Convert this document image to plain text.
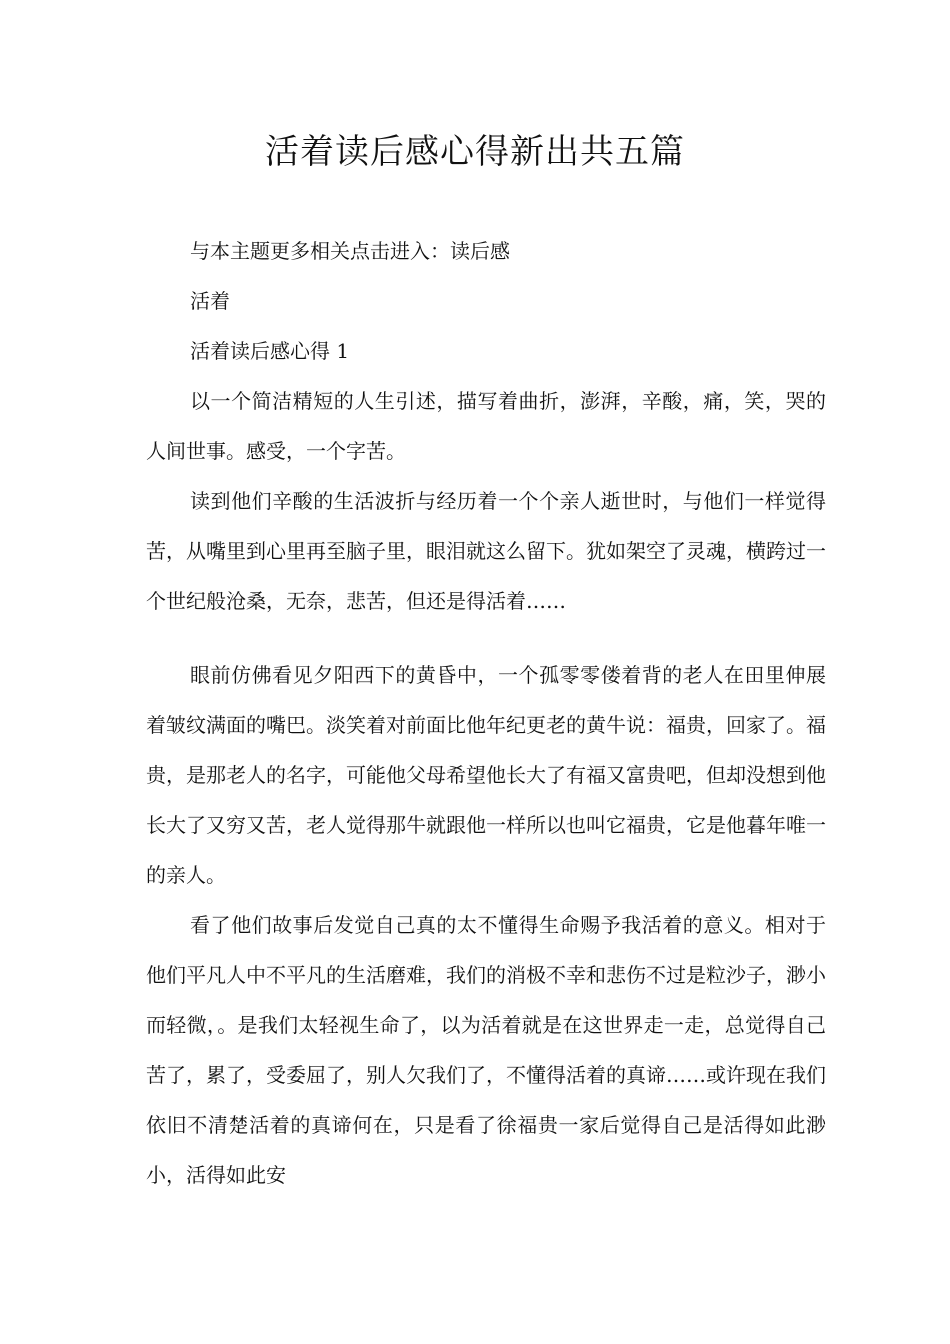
活着读后感心得新出共五篇

与本主题更多相关点击进入：读后感

活着

活着读后感心得 1

以一个简洁精短的人生引述，描写着曲折，澎湃，辛酸，痛，笑，哭的人间世事。感受，一个字苦。

读到他们辛酸的生活波折与经历着一个个亲人逝世时，与他们一样觉得苦，从嘴里到心里再至脑子里，眼泪就这么留下。犹如架空了灵魂，横跨过一个世纪般沧桑，无奈，悲苦，但还是得活着……

眼前仿佛看见夕阳西下的黄昏中，一个孤零零偻着背的老人在田里伸展着皱纹满面的嘴巴。淡笑着对前面比他年纪更老的黄牛说：福贵，回家了。福贵，是那老人的名字，可能他父母希望他长大了有福又富贵吧，但却没想到他长大了又穷又苦，老人觉得那牛就跟他一样所以也叫它福贵，它是他暮年唯一的亲人。

看了他们故事后发觉自己真的太不懂得生命赐予我活着的意义。相对于他们平凡人中不平凡的生活磨难，我们的消极不幸和悲伤不过是粒沙子，渺小而轻微，。是我们太轻视生命了，以为活着就是在这世界走一走，总觉得自己苦了，累了，受委屈了，别人欠我们了，不懂得活着的真谛……或许现在我们依旧不清楚活着的真谛何在，只是看了徐福贵一家后觉得自己是活得如此渺小，活得如此安
